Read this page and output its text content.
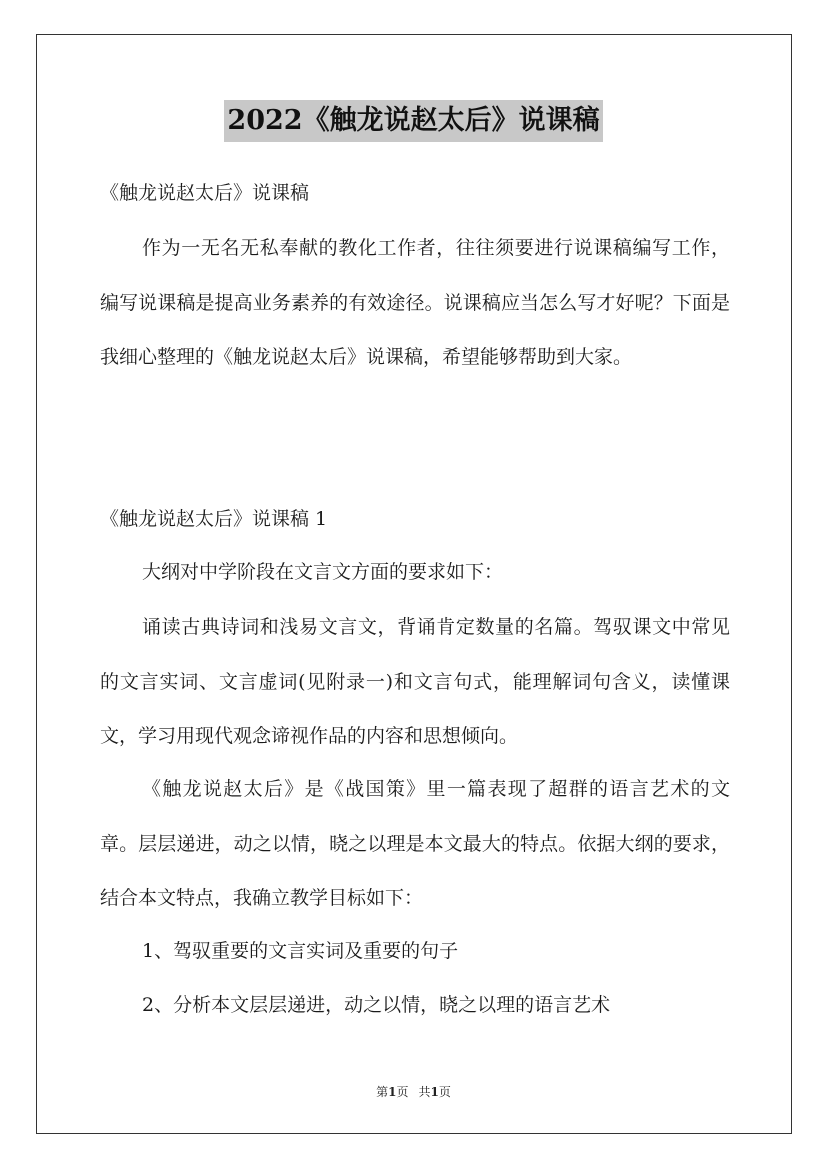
2022《触龙说赵太后》说课稿

《触龙说赵太后》说课稿

作为一无名无私奉献的教化工作者，往往须要进行说课稿编写工作，编写说课稿是提高业务素养的有效途径。说课稿应当怎么写才好呢？下面是我细心整理的《触龙说赵太后》说课稿，希望能够帮助到大家。

《触龙说赵太后》说课稿 1

大纲对中学阶段在文言文方面的要求如下：

诵读古典诗词和浅易文言文，背诵肯定数量的名篇。驾驭课文中常见的文言实词、文言虚词(见附录一)和文言句式，能理解词句含义，读懂课文，学习用现代观念谛视作品的内容和思想倾向。

《触龙说赵太后》是《战国策》里一篇表现了超群的语言艺术的文章。层层递进，动之以情，晓之以理是本文最大的特点。依据大纲的要求，结合本文特点，我确立教学目标如下：

1、驾驭重要的文言实词及重要的句子

2、分析本文层层递进，动之以情，晓之以理的语言艺术

第1页 共1页
